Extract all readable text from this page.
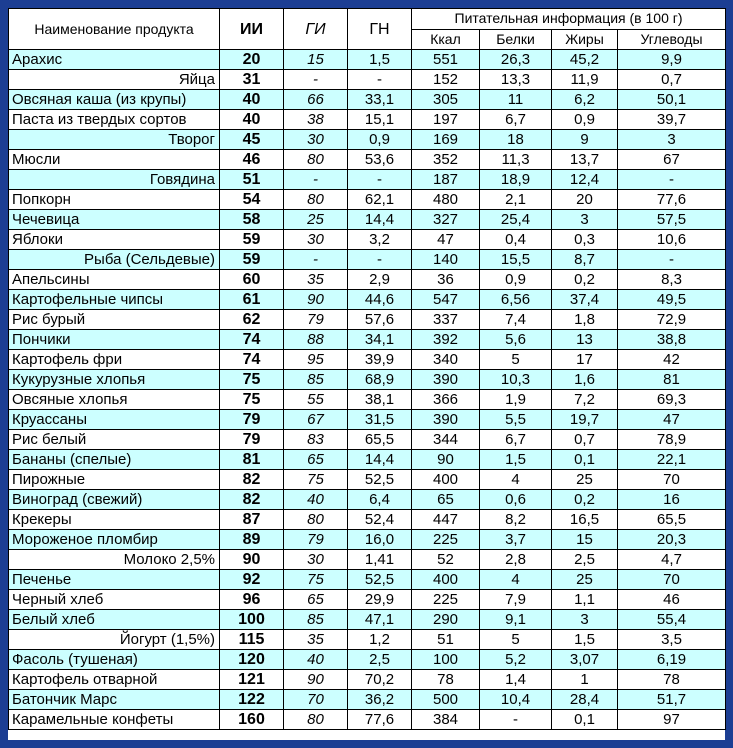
Наименование продукта	ИИ	ГИ	ГН	Питательная информация (в 100 г)			
				Ккал	Белки	Жиры	Углеводы
Арахис	20	15	1,5	551	26,3	45,2	9,9
Яйца	31	-	-	152	13,3	11,9	0,7
Овсяная каша (из крупы)	40	66	33,1	305	11	6,2	50,1
Паста из твердых сортов	40	38	15,1	197	6,7	0,9	39,7
Творог	45	30	0,9	169	18	9	3
Мюсли	46	80	53,6	352	11,3	13,7	67
Говядина	51	-	-	187	18,9	12,4	-
Попкорн	54	80	62,1	480	2,1	20	77,6
Чечевица	58	25	14,4	327	25,4	3	57,5
Яблоки	59	30	3,2	47	0,4	0,3	10,6
Рыба (Сельдевые)	59	-	-	140	15,5	8,7	-
Апельсины	60	35	2,9	36	0,9	0,2	8,3
Картофельные чипсы	61	90	44,6	547	6,56	37,4	49,5
Рис бурый	62	79	57,6	337	7,4	1,8	72,9
Пончики	74	88	34,1	392	5,6	13	38,8
Картофель фри	74	95	39,9	340	5	17	42
Кукурузные хлопья	75	85	68,9	390	10,3	1,6	81
Овсяные хлопья	75	55	38,1	366	1,9	7,2	69,3
Круассаны	79	67	31,5	390	5,5	19,7	47
Рис белый	79	83	65,5	344	6,7	0,7	78,9
Бананы (спелые)	81	65	14,4	90	1,5	0,1	22,1
Пирожные	82	75	52,5	400	4	25	70
Виноград (свежий)	82	40	6,4	65	0,6	0,2	16
Крекеры	87	80	52,4	447	8,2	16,5	65,5
Мороженое пломбир	89	79	16,0	225	3,7	15	20,3
Молоко 2,5%	90	30	1,41	52	2,8	2,5	4,7
Печенье	92	75	52,5	400	4	25	70
Черный хлеб	96	65	29,9	225	7,9	1,1	46
Белый хлеб	100	85	47,1	290	9,1	3	55,4
Йогурт (1,5%)	115	35	1,2	51	5	1,5	3,5
Фасоль (тушеная)	120	40	2,5	100	5,2	3,07	6,19
Картофель отварной	121	90	70,2	78	1,4	1	78
Батончик Марс	122	70	36,2	500	10,4	28,4	51,7
Карамельные конфеты	160	80	77,6	384	-	0,1	97
